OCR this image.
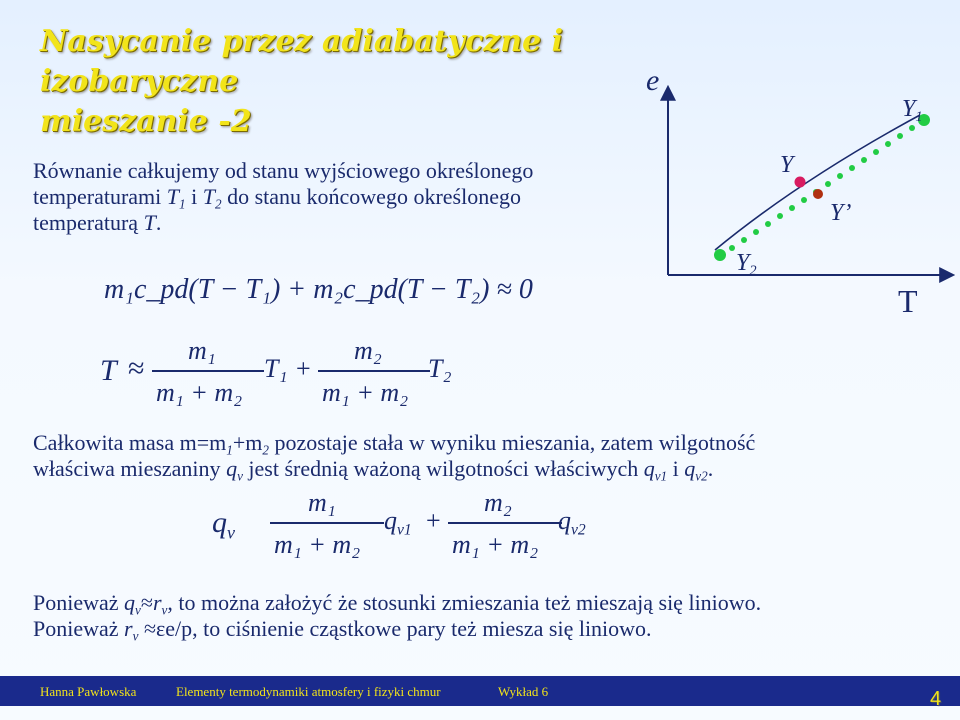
Nasycanie przez adiabatyczne i izobaryczne
mieszanie -2
e
T
$Y_1$
$Y_2$
Y
Y’
Równanie całkujemy od stanu wyjściowego określonego
temperaturami $T_1$ i $T_2$ do stanu końcowego określonego
temperaturą T.
m₁c_pd(T − T₁) + m₂c_pd(T − T₂) ≈ 0
T ≈
m₁
m₁ + m₂
T₁ +
m₂
m₁ + m₂
T₂
Całkowita masa $m=m_1+m_2$ pozostaje stała w wyniku mieszania, zatem wilgotność
właściwa mieszaniny $q_v$ jest średnią ważoną wilgotności właściwych $q_{v1}$ i $q_{v2}$.
$q_v$
m₁
m₁ + m₂
$q_{v1}$ +
m₂
m₁ + m₂
$q_{v2}$
Ponieważ $q_v\approx r_v$, to można założyć że stosunki zmieszania też mieszają się liniowo.
Ponieważ $r_v \approx\varepsilon e/p$, to ciśnienie cząstkowe pary też miesza się liniowo.
Hanna Pawłowska	Elementy termodynamiki atmosfery i fizyki chmur	Wykład 6	4
